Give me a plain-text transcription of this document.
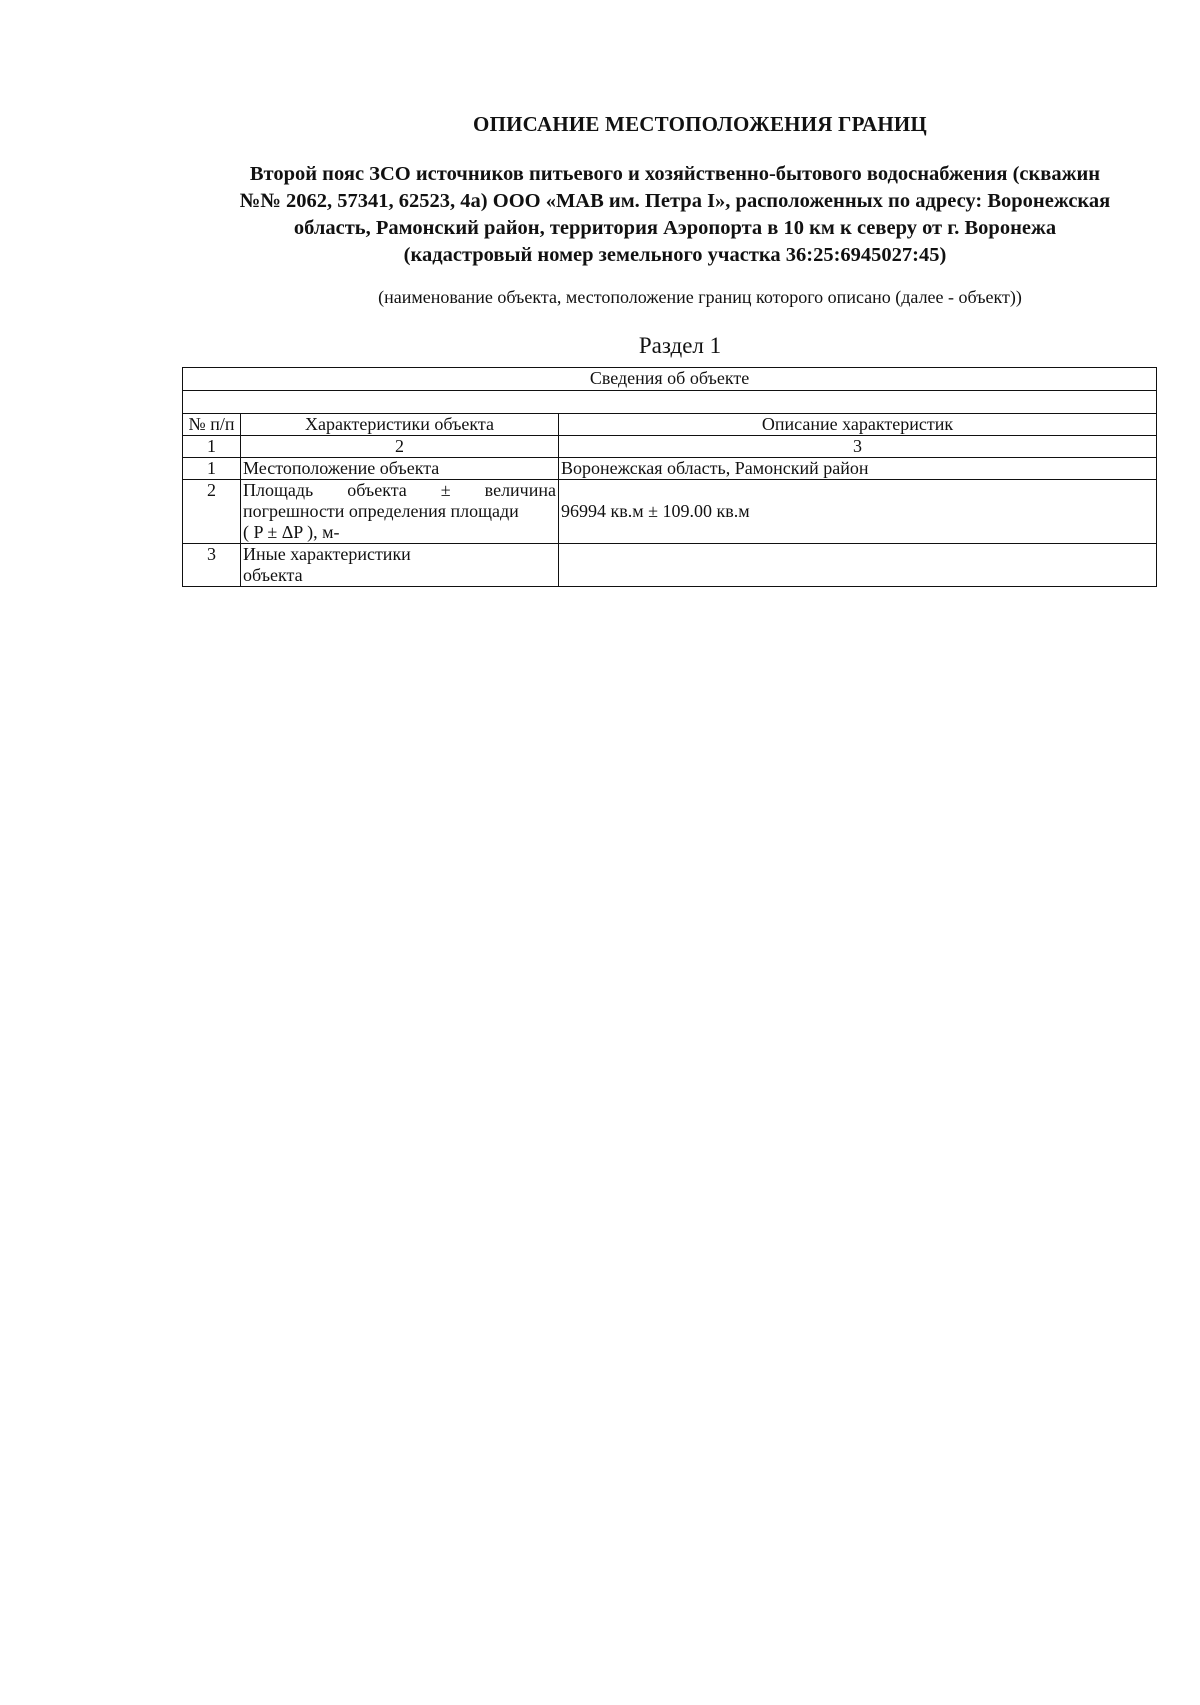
ОПИСАНИЕ МЕСТОПОЛОЖЕНИЯ ГРАНИЦ
Второй пояс ЗСО источников питьевого и хозяйственно-бытового водоснабжения (скважин
№№ 2062, 57341, 62523, 4а) ООО «МАВ им. Петра I», расположенных по адресу: Воронежская
область, Рамонский район, территория Аэропорта в 10 км к северу от г. Воронежа
(кадастровый номер земельного участка 36:25:6945027:45)
(наименование объекта, местоположение границ которого описано (далее - объект))
Раздел 1
Сведения об объекте		

№ п/п	Характеристики объекта	Описание характеристик
1	2	3
1	Местоположение объекта	Воронежская область, Рамонский район
2	Площадь объекта ± величина
погрешности определения площади
( P ± ΔP ), м-	96994 кв.м ± 109.00 кв.м
3	Иные характеристики
объекта	
